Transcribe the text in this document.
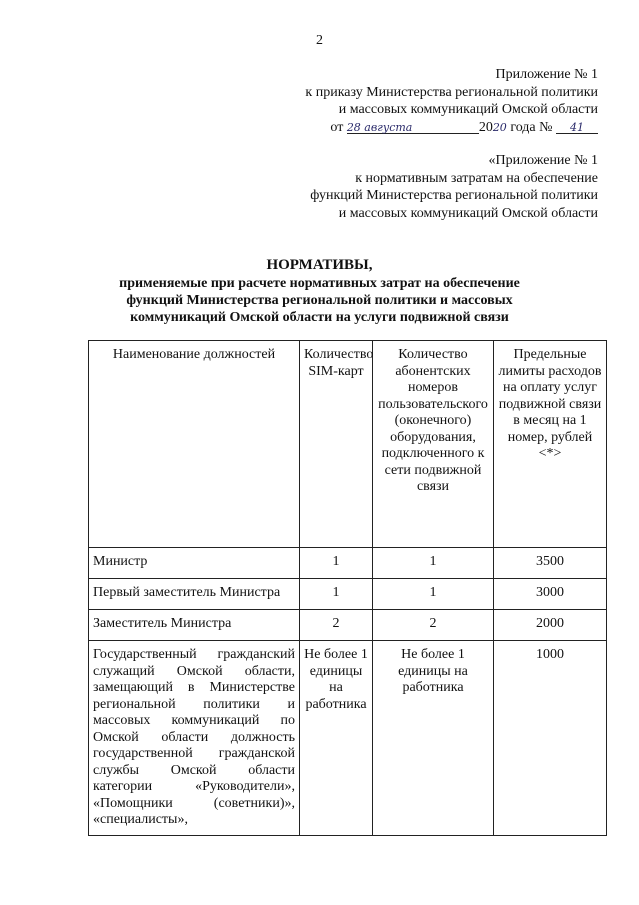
2
Приложение № 1
к приказу Министерства региональной политики
и массовых коммуникаций Омской области
от 28 августа	2020 года № 41
«Приложение № 1
к нормативным затратам на обеспечение
функций Министерства региональной политики
и массовых коммуникаций Омской области
НОРМАТИВЫ,
применяемые при расчете нормативных затрат на обеспечение
функций Министерства региональной политики и массовых
коммуникаций Омской области на услуги подвижной связи
Наименование должностей	Количество SIM-карт	Количество абонентских номеров пользовательского (оконечного) оборудования, подключенного к сети подвижной связи	Предельные лимиты расходов на оплату услуг подвижной связи в месяц на 1 номер, рублей <*>
Министр	1	1	3500
Первый заместитель Министра	1	1	3000
Заместитель Министра	2	2	2000
Государственный гражданский служащий Омской области, замещающий в Министерстве региональной политики и массовых коммуникаций по Омской области должность государственной гражданской службы Омской области категории «Руководители», «Помощники (советники)», «специалисты»,	Не более 1 единицы на работника	Не более 1 единицы на работника	1000
